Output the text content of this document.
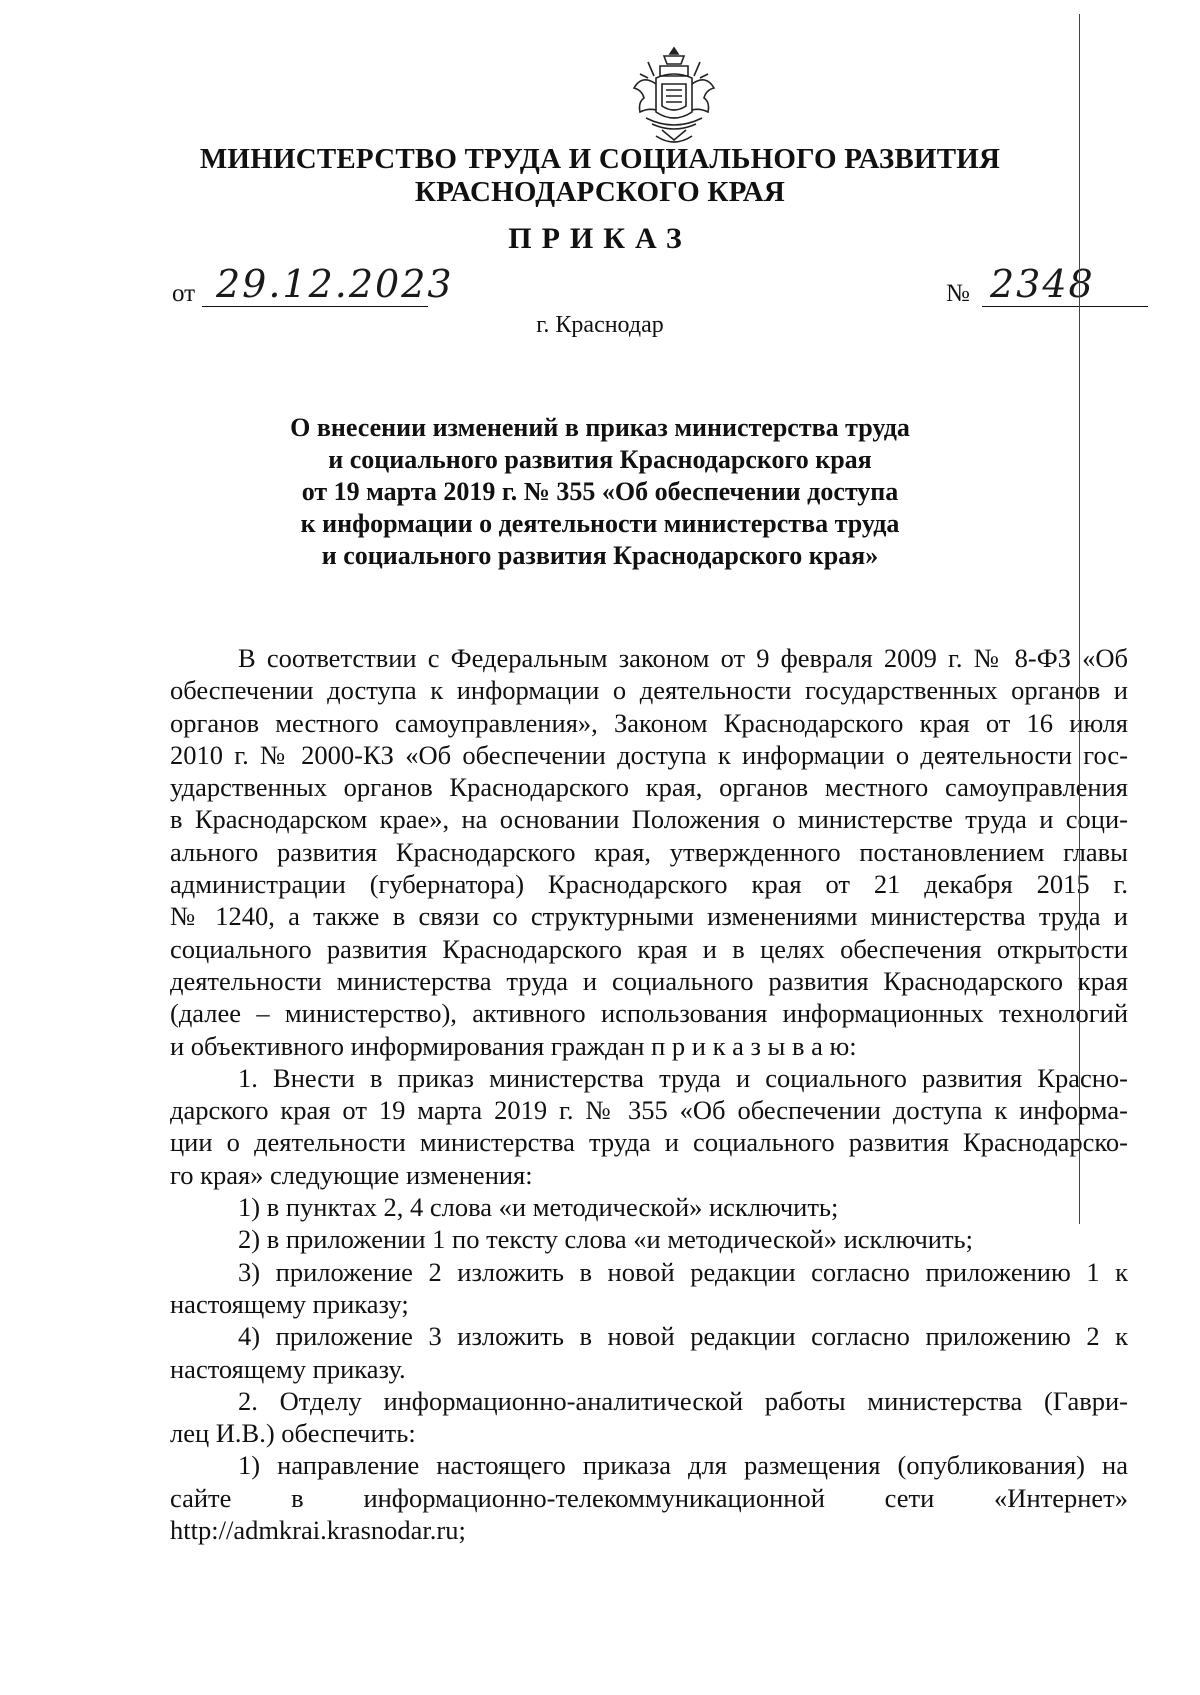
МИНИСТЕРСТВО ТРУДА И СОЦИАЛЬНОГО РАЗВИТИЯ
КРАСНОДАРСКОГО КРАЯ
ПРИКАЗ
от 29.12.2023	№ 2348
г. Краснодар
О внесении изменений в приказ министерства труда
и социального развития Краснодарского края
от 19 марта 2019 г. № 355 «Об обеспечении доступа
к информации о деятельности министерства труда
и социального развития Краснодарского края»
В соответствии с Федеральным законом от 9 февраля 2009 г. № 8-ФЗ «Об
обеспечении доступа к информации о деятельности государственных органов и
органов местного самоуправления», Законом Краснодарского края от 16 июля
2010 г. № 2000-КЗ «Об обеспечении доступа к информации о деятельности гос-
ударственных органов Краснодарского края, органов местного самоуправления
в Краснодарском крае», на основании Положения о министерстве труда и соци-
ального развития Краснодарского края, утвержденного постановлением главы
администрации (губернатора) Краснодарского края от 21 декабря 2015 г.
№ 1240, а также в связи со структурными изменениями министерства труда и
социального развития Краснодарского края и в целях обеспечения открытости
деятельности министерства труда и социального развития Краснодарского края
(далее – министерство), активного использования информационных технологий
и объективного информирования граждан п р и к а з ы в а ю:
1. Внести в приказ министерства труда и социального развития Красно-
дарского края от 19 марта 2019 г. № 355 «Об обеспечении доступа к информа-
ции о деятельности министерства труда и социального развития Краснодарско-
го края» следующие изменения:
1) в пунктах 2, 4 слова «и методической» исключить;
2) в приложении 1 по тексту слова «и методической» исключить;
3) приложение 2 изложить в новой редакции согласно приложению 1 к
настоящему приказу;
4) приложение 3 изложить в новой редакции согласно приложению 2 к
настоящему приказу.
2. Отделу информационно-аналитической работы министерства (Гаври-
лец И.В.) обеспечить:
1) направление настоящего приказа для размещения (опубликования) на
сайте в информационно-телекоммуникационной сети «Интернет»
http://admkrai.krasnodar.ru;
